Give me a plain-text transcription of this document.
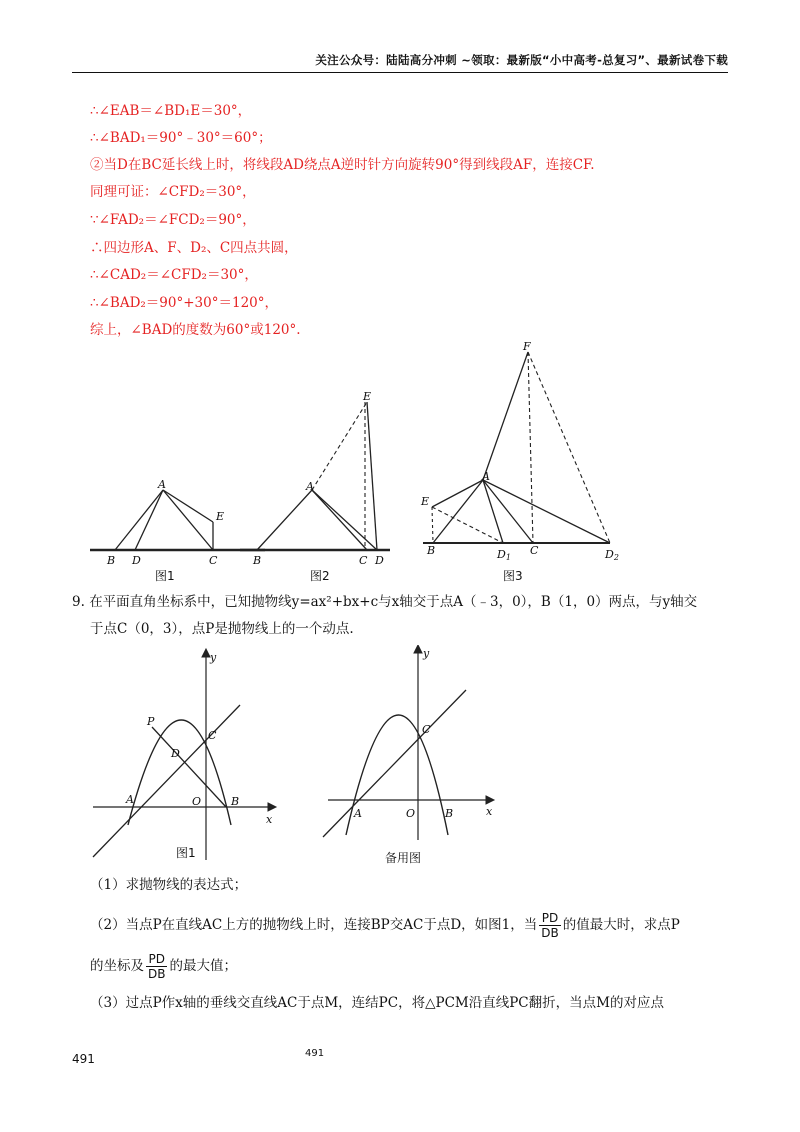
关注公众号：陆陆高分冲刺 ~领取：最新版“小中高考-总复习”、最新试卷下载
∴∠EAB＝∠BD₁E＝30°，
∴∠BAD₁＝90°﹣30°＝60°；
②当D在BC延长线上时，将线段AD绕点A逆时针方向旋转90°得到线段AF，连接CF.
同理可证：∠CFD₂＝30°，
∵∠FAD₂＝∠FCD₂＝90°，
∴四边形A、F、D₂、C四点共圆，
∴∠CAD₂＝∠CFD₂＝30°，
∴∠BAD₂＝90°+30°＝120°，
综上，∠BAD的度数为60°或120°.
A
B D	C
E
A
E
B	C D
F
A
E
B	D1
C	D2
图1	图2	图3
9. 在平面直角坐标系中，已知抛物线y=ax²+bx+c与x轴交于点A（﹣3，0），B（1，0）两点，与y轴交
于点C（0，3），点P是抛物线上的一个动点.
y
x
P
C
D
A	O	B
图1
y
x
C
A	O	B
备用图
（1）求抛物线的表达式；
（2）当点P在直线AC上方的抛物线上时，连接BP交AC于点D，如图1，当 $\frac{PD}{DB}$ 的值最大时，求点P
的坐标及 $\frac{PD}{DB}$ 的最大值；
（3）过点P作x轴的垂线交直线AC于点M，连结PC，将△PCM沿直线PC翻折，当点M的对应点
491	491
